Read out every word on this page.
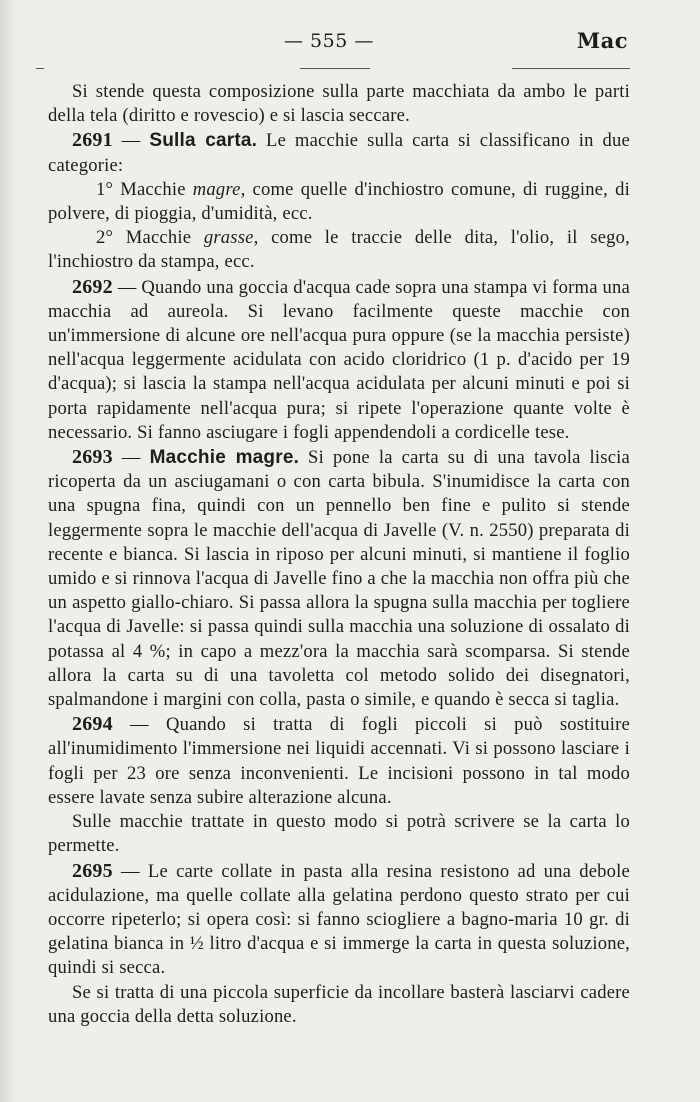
— 555 —	Mac

Si stende questa composizione sulla parte macchiata da ambo le parti della tela (diritto e rovescio) e si lascia seccare.

2691 — Sulla carta. Le macchie sulla carta si classificano in due categorie:

1° Macchie magre, come quelle d'inchiostro comune, di ruggine, di polvere, di pioggia, d'umidità, ecc.

2° Macchie grasse, come le traccie delle dita, l'olio, il sego, l'inchiostro da stampa, ecc.

2692 — Quando una goccia d'acqua cade sopra una stampa vi forma una macchia ad aureola. Si levano facilmente queste macchie con un'immersione di alcune ore nell'acqua pura oppure (se la macchia persiste) nell'acqua leggermente acidulata con acido cloridrico (1 p. d'acido per 19 d'acqua); si lascia la stampa nell'acqua acidulata per alcuni minuti e poi si porta rapidamente nell'acqua pura; si ripete l'operazione quante volte è necessario. Si fanno asciugare i fogli appendendoli a cordicelle tese.

2693 — Macchie magre. Si pone la carta su di una tavola liscia ricoperta da un asciugamani o con carta bibula. S'inumidisce la carta con una spugna fina, quindi con un pennello ben fine e pulito si stende leggermente sopra le macchie dell'acqua di Javelle (V. n. 2550) preparata di recente e bianca. Si lascia in riposo per alcuni minuti, si mantiene il foglio umido e si rinnova l'acqua di Javelle fino a che la macchia non offra più che un aspetto giallo-chiaro. Si passa allora la spugna sulla macchia per togliere l'acqua di Javelle: si passa quindi sulla macchia una soluzione di ossalato di potassa al 4 %; in capo a mezz'ora la macchia sarà scomparsa. Si stende allora la carta su di una tavoletta col metodo solido dei disegnatori, spalmandone i margini con colla, pasta o simile, e quando è secca si taglia.

2694 — Quando si tratta di fogli piccoli si può sostituire all'inumidimento l'immersione nei liquidi accennati. Vi si possono lasciare i fogli per 23 ore senza inconvenienti. Le incisioni possono in tal modo essere lavate senza subire alterazione alcuna.

Sulle macchie trattate in questo modo si potrà scrivere se la carta lo permette.

2695 — Le carte collate in pasta alla resina resistono ad una debole acidulazione, ma quelle collate alla gelatina perdono questo strato per cui occorre ripeterlo; si opera così: si fanno sciogliere a bagno-maria 10 gr. di gelatina bianca in ½ litro d'acqua e si immerge la carta in questa soluzione, quindi si secca.

Se si tratta di una piccola superficie da incollare basterà lasciarvi cadere una goccia della detta soluzione.
